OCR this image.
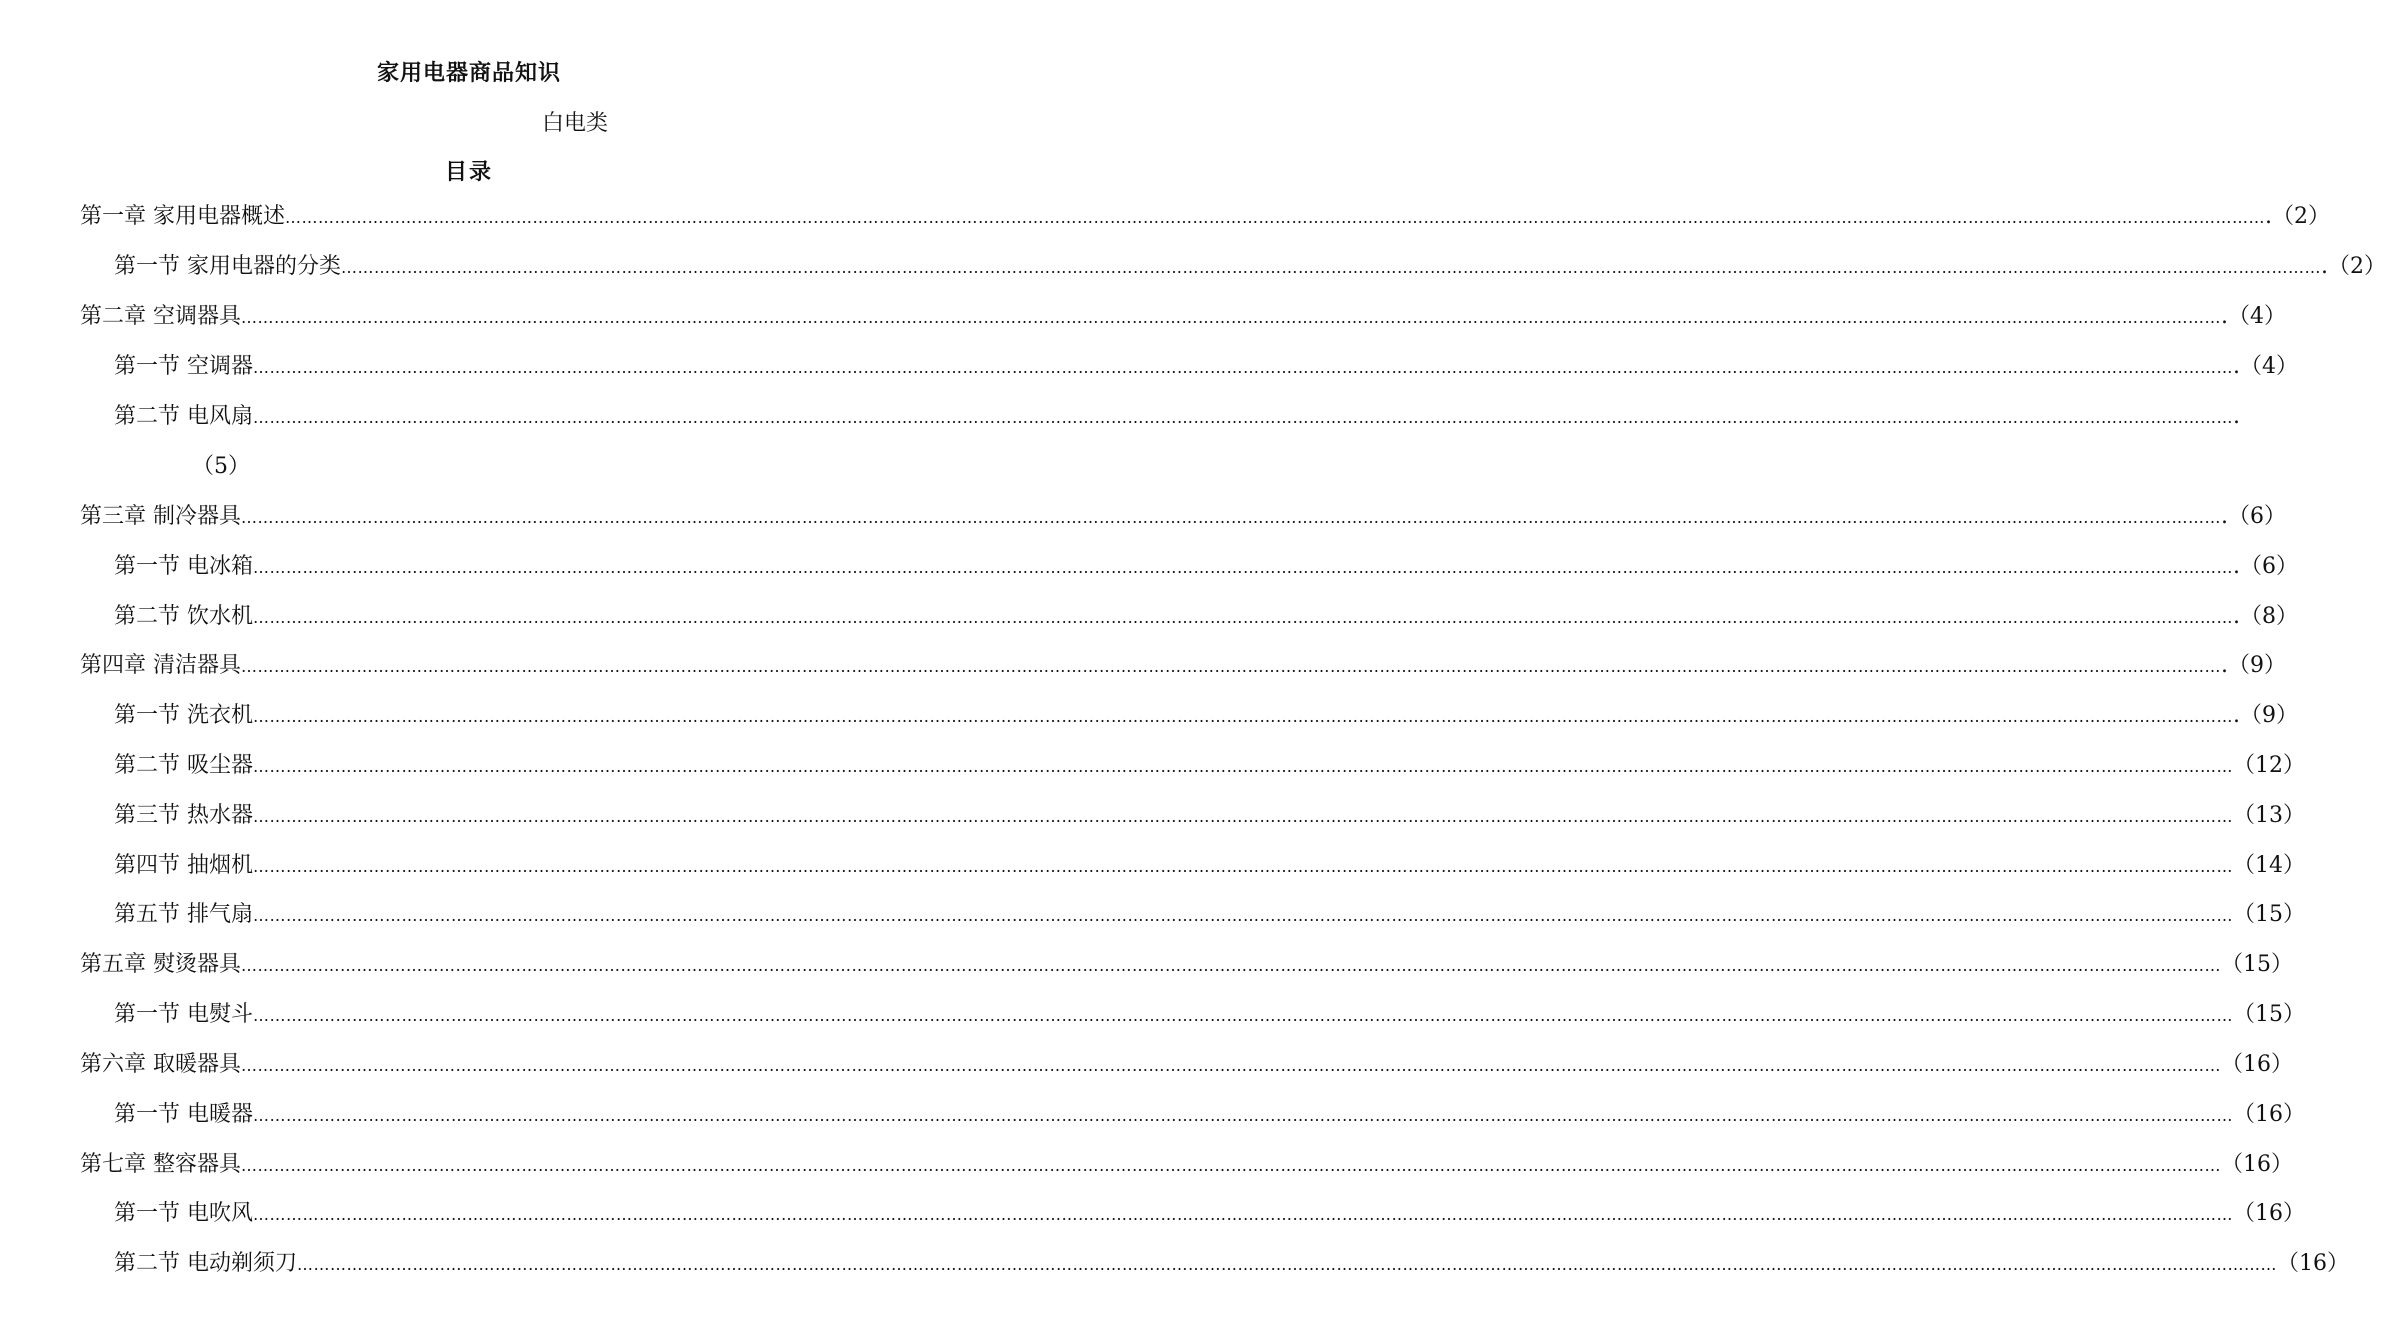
家用电器商品知识
白电类
目录
第一章 家用电器概述 ……………………………………………………………………………………………………………………………………………………………………………………………………………………………………………………………………………………………………………………………… .（2）
第一节 家用电器的分类 ……………………………………………………………………………………………………………………………………………………………………………………………………………………………………………………………………………………………………………………………… .（2）
第二章 空调器具 ……………………………………………………………………………………………………………………………………………………………………………………………………………………………………………………………………………………………………………………………… .（4）
第一节 空调器 ……………………………………………………………………………………………………………………………………………………………………………………………………………………………………………………………………………………………………………………………… .（4）
第二节 电风扇 ……………………………………………………………………………………………………………………………………………………………………………………………………………………………………………………………………………………………………………………………… .
（5）
第三章 制冷器具 ……………………………………………………………………………………………………………………………………………………………………………………………………………………………………………………………………………………………………………………………… .（6）
第一节 电冰箱 ……………………………………………………………………………………………………………………………………………………………………………………………………………………………………………………………………………………………………………………………… .（6）
第二节 饮水机 ……………………………………………………………………………………………………………………………………………………………………………………………………………………………………………………………………………………………………………………………… .（8）
第四章 清洁器具 ……………………………………………………………………………………………………………………………………………………………………………………………………………………………………………………………………………………………………………………………… .（9）
第一节 洗衣机 ……………………………………………………………………………………………………………………………………………………………………………………………………………………………………………………………………………………………………………………………… .（9）
第二节 吸尘器 ……………………………………………………………………………………………………………………………………………………………………………………………………………………………………………………………………………………………………………………………… （12）
第三节 热水器 ……………………………………………………………………………………………………………………………………………………………………………………………………………………………………………………………………………………………………………………………… （13）
第四节 抽烟机 ……………………………………………………………………………………………………………………………………………………………………………………………………………………………………………………………………………………………………………………………… （14）
第五节 排气扇 ……………………………………………………………………………………………………………………………………………………………………………………………………………………………………………………………………………………………………………………………… （15）
第五章 熨烫器具 ……………………………………………………………………………………………………………………………………………………………………………………………………………………………………………………………………………………………………………………………… （15）
第一节 电熨斗 ……………………………………………………………………………………………………………………………………………………………………………………………………………………………………………………………………………………………………………………………… （15）
第六章 取暖器具 ……………………………………………………………………………………………………………………………………………………………………………………………………………………………………………………………………………………………………………………………… （16）
第一节 电暖器 ……………………………………………………………………………………………………………………………………………………………………………………………………………………………………………………………………………………………………………………………… （16）
第七章 整容器具 ……………………………………………………………………………………………………………………………………………………………………………………………………………………………………………………………………………………………………………………………… （16）
第一节 电吹风 ……………………………………………………………………………………………………………………………………………………………………………………………………………………………………………………………………………………………………………………………… （16）
第二节 电动剃须刀 ……………………………………………………………………………………………………………………………………………………………………………………………………………………………………………………………………………………………………………………………… （16）
